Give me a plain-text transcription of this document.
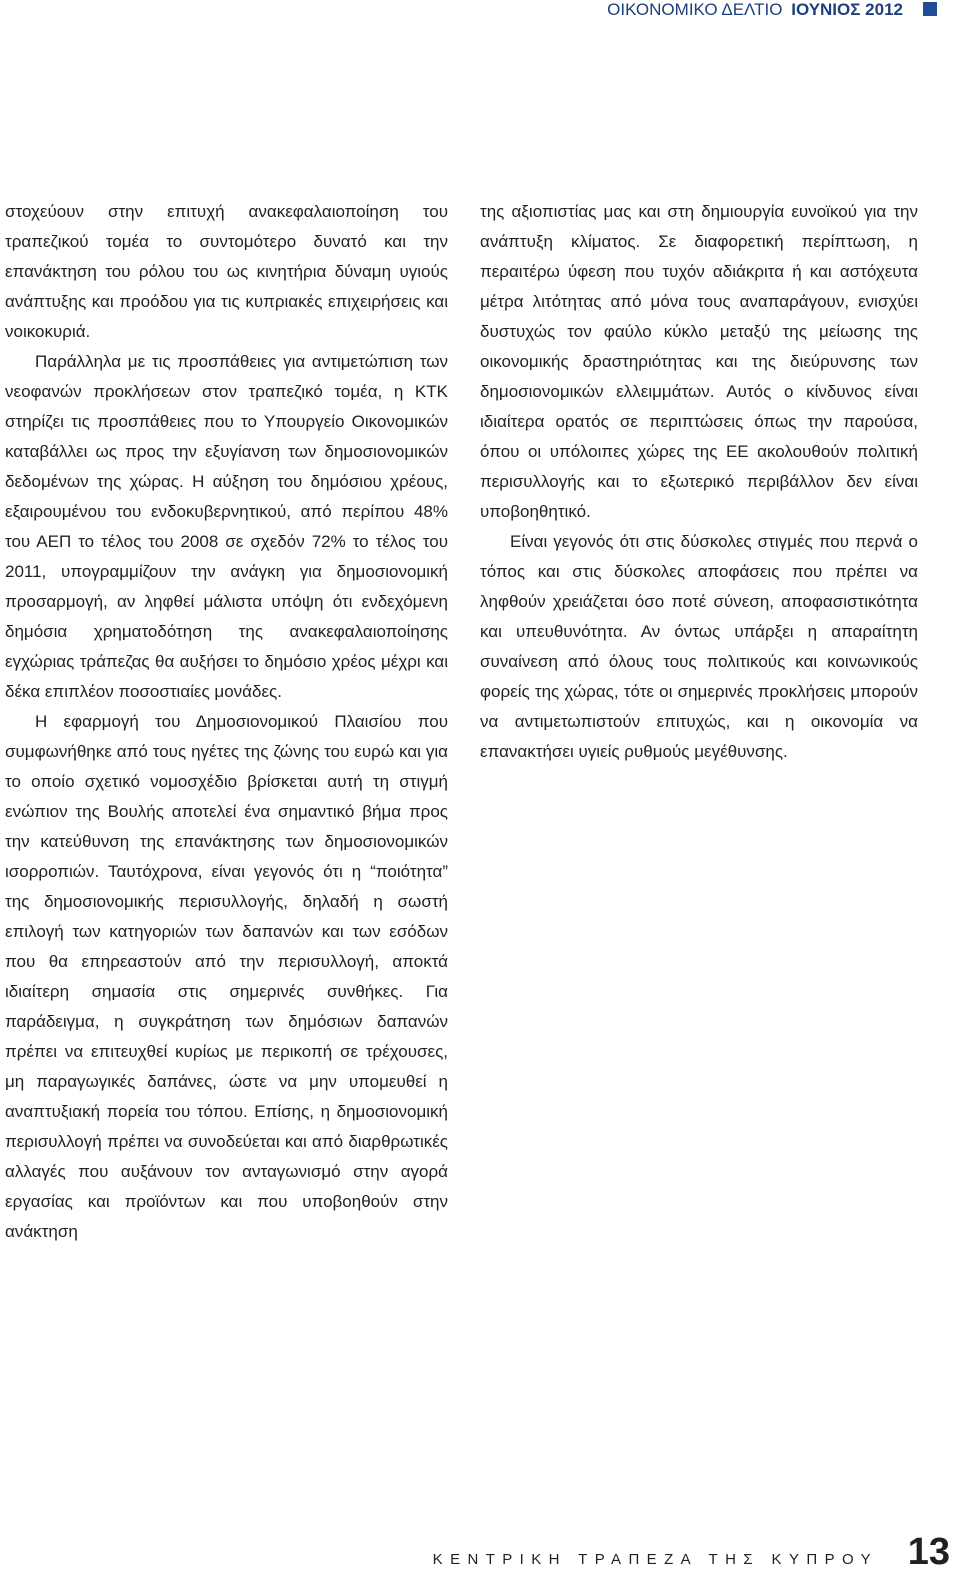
ΟΙΚΟΝΟΜΙΚΟ ΔΕΛΤΙΟ ΙΟΥΝΙΟΣ 2012

στοχεύουν στην επιτυχή ανακεφαλαιοποίηση του τραπεζικού τομέα το συντομότερο δυνατό και την επανάκτηση του ρόλου του ως κινητήρια δύναμη υγιούς ανάπτυξης και προόδου για τις κυπριακές επιχειρήσεις και νοικοκυριά.

Παράλληλα με τις προσπάθειες για αντιμετώπιση των νεοφανών προκλήσεων στον τραπεζικό τομέα, η ΚΤΚ στηρίζει τις προσπάθειες που το Υπουργείο Οικονομικών καταβάλλει ως προς την εξυγίανση των δημοσιονομικών δεδομένων της χώρας. Η αύξηση του δημόσιου χρέους, εξαιρουμένου του ενδοκυβερνητικού, από περίπου 48% του ΑΕΠ το τέλος του 2008 σε σχεδόν 72% το τέλος του 2011, υπογραμμίζουν την ανάγκη για δημοσιονομική προσαρμογή, αν ληφθεί μάλιστα υπόψη ότι ενδεχόμενη δημόσια χρηματοδότηση της ανακεφαλαιοποίησης εγχώριας τράπεζας θα αυξήσει το δημόσιο χρέος μέχρι και δέκα επιπλέον ποσοστιαίες μονάδες.

Η εφαρμογή του Δημοσιονομικού Πλαισίου που συμφωνήθηκε από τους ηγέτες της ζώνης του ευρώ και για το οποίο σχετικό νομοσχέδιο βρίσκεται αυτή τη στιγμή ενώπιον της Βουλής αποτελεί ένα σημαντικό βήμα προς την κατεύθυνση της επανάκτησης των δημοσιονομικών ισορροπιών. Ταυτόχρονα, είναι γεγονός ότι η “ποιότητα” της δημοσιονομικής περισυλλογής, δηλαδή η σωστή επιλογή των κατηγοριών των δαπανών και των εσόδων που θα επηρεαστούν από την περισυλλογή, αποκτά ιδιαίτερη σημασία στις σημερινές συνθήκες. Για παράδειγμα, η συγκράτηση των δημόσιων δαπανών πρέπει να επιτευχθεί κυρίως με περικοπή σε τρέχουσες, μη παραγωγικές δαπάνες, ώστε να μην υπομευθεί η αναπτυξιακή πορεία του τόπου. Επίσης, η δημοσιονομική περισυλλογή πρέπει να συνοδεύεται και από διαρθρωτικές αλλαγές που αυξάνουν τον ανταγωνισμό στην αγορά εργασίας και προϊόντων και που υποβοηθούν στην ανάκτηση

της αξιοπιστίας μας και στη δημιουργία ευνοϊκού για την ανάπτυξη κλίματος. Σε διαφορετική περίπτωση, η περαιτέρω ύφεση που τυχόν αδιάκριτα ή και αστόχευτα μέτρα λιτότητας από μόνα τους αναπαράγουν, ενισχύει δυστυχώς τον φαύλο κύκλο μεταξύ της μείωσης της οικονομικής δραστηριότητας και της διεύρυνσης των δημοσιονομικών ελλειμμάτων. Αυτός ο κίνδυνος είναι ιδιαίτερα ορατός σε περιπτώσεις όπως την παρούσα, όπου οι υπόλοιπες χώρες της ΕΕ ακολουθούν πολιτική περισυλλογής και το εξωτερικό περιβάλλον δεν είναι υποβοηθητικό.

Είναι γεγονός ότι στις δύσκολες στιγμές που περνά ο τόπος και στις δύσκολες αποφάσεις που πρέπει να ληφθούν χρειάζεται όσο ποτέ σύνεση, αποφασιστικότητα και υπευθυνότητα. Αν όντως υπάρξει η απαραίτητη συναίνεση από όλους τους πολιτικούς και κοινωνικούς φορείς της χώρας, τότε οι σημερινές προκλήσεις μπορούν να αντιμετωπιστούν επιτυχώς, και η οικονομία να επανακτήσει υγιείς ρυθμούς μεγέθυνσης.

ΚΕΝΤΡΙΚΗ ΤΡΑΠΕΖΑ ΤΗΣ ΚΥΠΡΟΥ 13
